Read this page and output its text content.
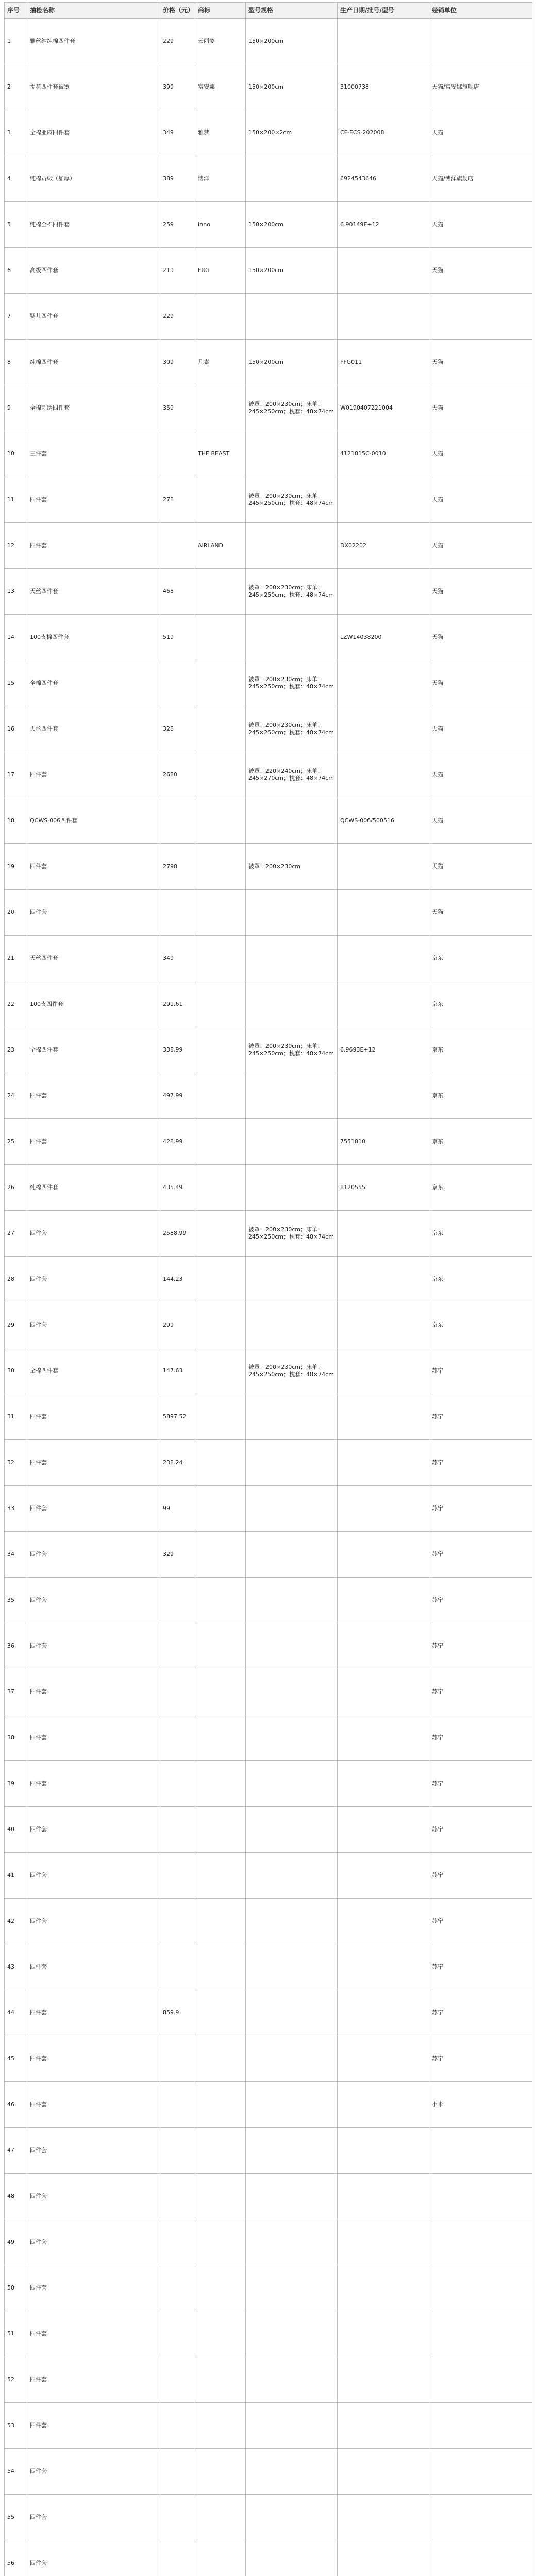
序号	抽检名称	价格（元）	商标	型号规格	生产日期/批号/型号	经销单位
1	雅丝纳纯棉四件套	229	云丽姿	150×200cm		
2	提花四件套被罩	399	富安娜	150×200cm	31000738	天猫/富安娜旗舰店
3	全棉亚麻四件套	349	雅梦	150×200×2cm	CF-ECS-202008	天猫
4	纯棉贡缎（加厚）	389	博洋		6924543646	天猫/博洋旗舰店
5	纯棉全棉四件套	259	Inno	150×200cm	6.90149E+12	天猫
6	高级四件套	219	FRG	150×200cm		天猫
7	婴儿四件套	229				
8	纯棉四件套	309	几素	150×200cm	FFG011	天猫
9	全棉刺绣四件套	359		被罩：200×230cm；床单：245×250cm；枕套：48×74cm	W0190407221004	天猫
10	三件套		THE BEAST		4121815C-0010	天猫
11	四件套	278		被罩：200×230cm；床单：245×250cm；枕套：48×74cm		天猫
12	四件套		AIRLAND		DX02202	天猫
13	天丝四件套	468		被罩：200×230cm；床单：245×250cm；枕套：48×74cm		天猫
14	100支棉四件套	519			LZW14038200	天猫
15	全棉四件套			被罩：200×230cm；床单：245×250cm；枕套：48×74cm		天猫
16	天丝四件套	328		被罩：200×230cm；床单：245×250cm；枕套：48×74cm		天猫
17	四件套	2680		被罩：220×240cm；床单：245×270cm；枕套：48×74cm		天猫
18	QCWS-006四件套				QCWS-006/500516	天猫
19	四件套	2798		被罩：200×230cm		天猫
20	四件套					天猫
21	天丝四件套	349				京东
22	100支四件套	291.61				京东
23	全棉四件套	338.99		被罩：200×230cm；床单：245×250cm；枕套：48×74cm	6.9693E+12	京东
24	四件套	497.99				京东
25	四件套	428.99			7551810	京东
26	纯棉四件套	435.49			8120555	京东
27	四件套	2588.99		被罩：200×230cm；床单：245×250cm；枕套：48×74cm		京东
28	四件套	144.23				京东
29	四件套	299				京东
30	全棉四件套	147.63		被罩：200×230cm；床单：245×250cm；枕套：48×74cm		苏宁
31	四件套	5897.52				苏宁
32	四件套	238.24				苏宁
33	四件套	99				苏宁
34	四件套	329				苏宁
35	四件套					苏宁
36	四件套					苏宁
37	四件套					苏宁
38	四件套					苏宁
39	四件套					苏宁
40	四件套					苏宁
41	四件套					苏宁
42	四件套					苏宁
43	四件套					苏宁
44	四件套	859.9				苏宁
45	四件套					苏宁
46	四件套					小米
47	四件套					
48	四件套					
49	四件套					
50	四件套					
51	四件套					
52	四件套					
53	四件套					
54	四件套					
55	四件套					
56	四件套					
